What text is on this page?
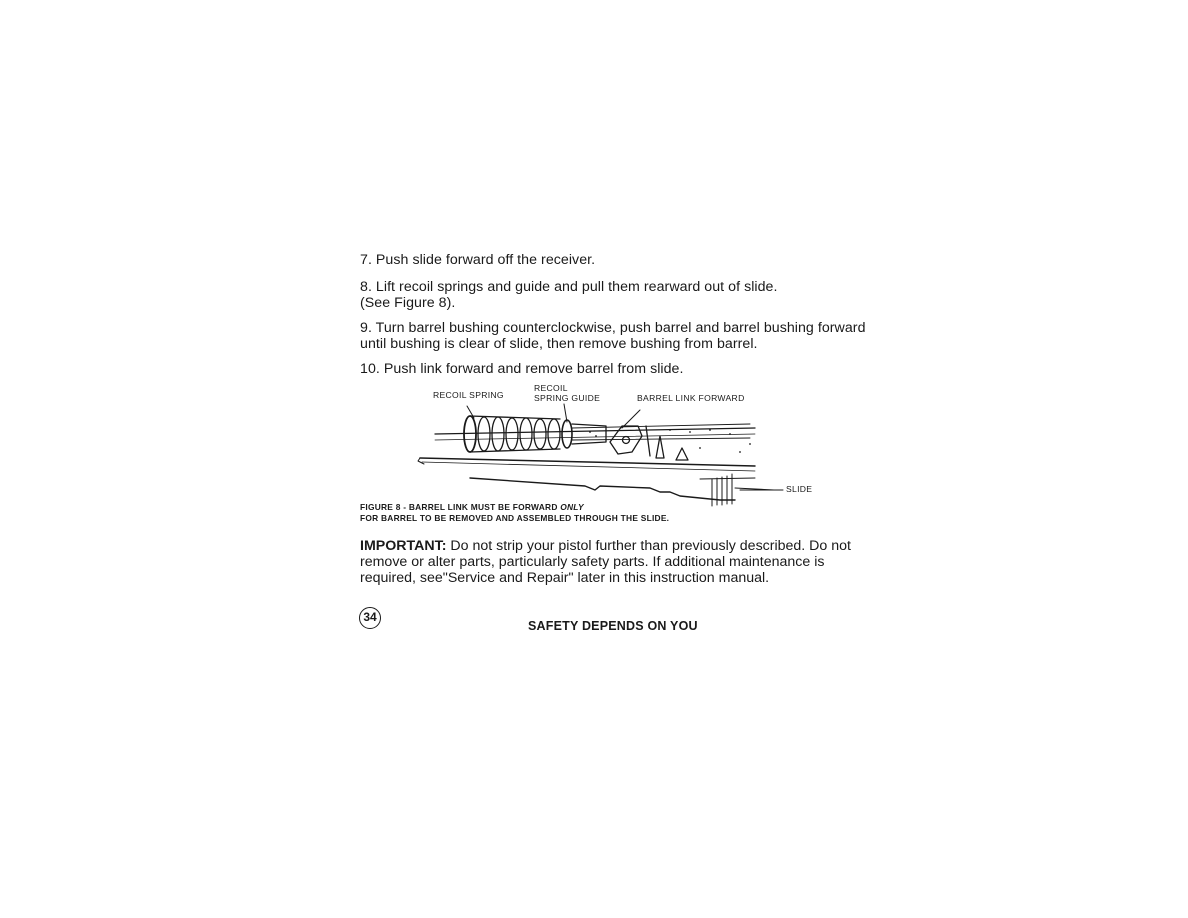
7. Push slide forward off the receiver.
8. Lift recoil springs and guide and pull them rearward out of slide.
(See Figure 8).
9. Turn barrel bushing counterclockwise, push barrel and barrel bushing forward
until bushing is clear of slide, then remove bushing from barrel.
10. Push link forward and remove barrel from slide.
RECOIL SPRING
RECOIL
SPRING GUIDE	BARREL LINK FORWARD
SLIDE
FIGURE 8 - BARREL LINK MUST BE FORWARD ONLY
FOR BARREL TO BE REMOVED AND ASSEMBLED THROUGH THE SLIDE.
IMPORTANT: Do not strip your pistol further than previously described. Do not
remove or alter parts, particularly safety parts. If additional maintenance is
required, see"Service and Repair" later in this instruction manual.
34
SAFETY DEPENDS ON YOU
